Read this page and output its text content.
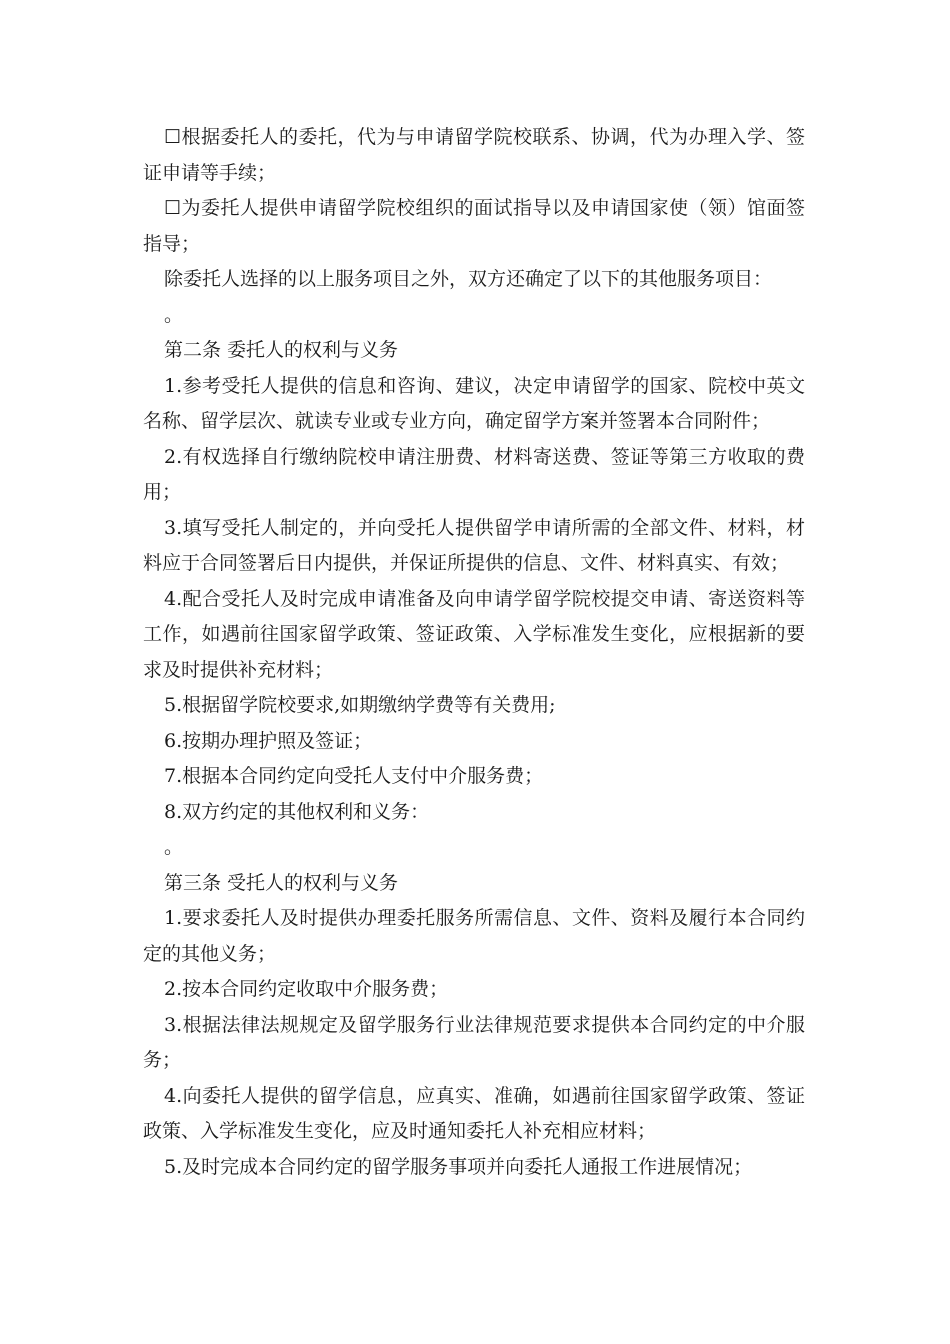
☐根据委托人的委托，代为与申请留学院校联系、协调，代为办理入学、签证申请等手续；

☐为委托人提供申请留学院校组织的面试指导以及申请国家使（领）馆面签指导；

除委托人选择的以上服务项目之外，双方还确定了以下的其他服务项目：

。

第二条 委托人的权利与义务

1.参考受托人提供的信息和咨询、建议，决定申请留学的国家、院校中英文名称、留学层次、就读专业或专业方向，确定留学方案并签署本合同附件；

2.有权选择自行缴纳院校申请注册费、材料寄送费、签证等第三方收取的费用；

3.填写受托人制定的，并向受托人提供留学申请所需的全部文件、材料，材料应于合同签署后日内提供，并保证所提供的信息、文件、材料真实、有效；

4.配合受托人及时完成申请准备及向申请学留学院校提交申请、寄送资料等工作，如遇前往国家留学政策、签证政策、入学标准发生变化，应根据新的要求及时提供补充材料；

5.根据留学院校要求,如期缴纳学费等有关费用;

6.按期办理护照及签证；

7.根据本合同约定向受托人支付中介服务费；

8.双方约定的其他权利和义务：

。

第三条 受托人的权利与义务

1.要求委托人及时提供办理委托服务所需信息、文件、资料及履行本合同约定的其他义务；

2.按本合同约定收取中介服务费；

3.根据法律法规规定及留学服务行业法律规范要求提供本合同约定的中介服务；

4.向委托人提供的留学信息，应真实、准确，如遇前往国家留学政策、签证政策、入学标准发生变化，应及时通知委托人补充相应材料；

5.及时完成本合同约定的留学服务事项并向委托人通报工作进展情况；
